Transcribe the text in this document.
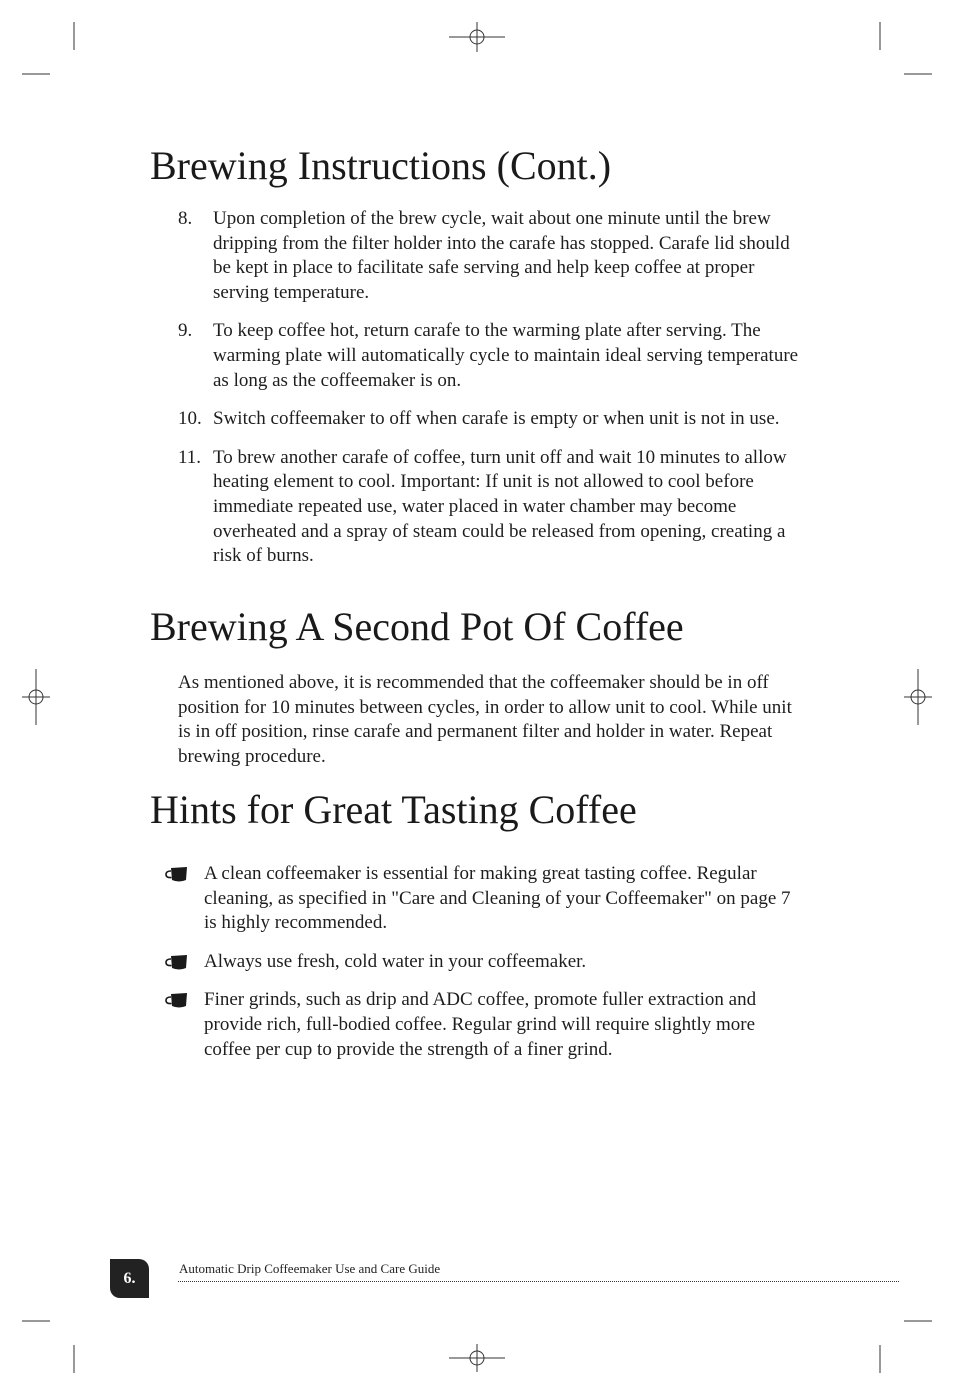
Brewing Instructions (Cont.)
8.	Upon completion of the brew cycle, wait about one minute until the brew dripping from the filter holder into the carafe has stopped. Carafe lid should be kept in place to facilitate safe serving and help keep coffee at proper serving temperature.
9.	To keep coffee hot, return carafe to the warming plate after serving. The warming plate will automatically cycle to maintain ideal serving temperature as long as the coffeemaker is on.
10. Switch coffeemaker to off when carafe is empty or when unit is not in use.
11. To brew another carafe of coffee, turn unit off and wait 10 minutes to allow heating element to cool. Important: If unit is not allowed to cool before immediate repeated use, water placed in water chamber may become overheated and a spray of steam could be released from opening, creating a risk of burns.
Brewing A Second Pot Of Coffee

As mentioned above, it is recommended that the coffeemaker should be in off position for 10 minutes between cycles, in order to allow unit to cool. While unit is in off position, rinse carafe and permanent filter and holder in water. Repeat brewing procedure.

Hints for Great Tasting Coffee
A clean coffeemaker is essential for making great tasting coffee. Regular cleaning, as specified in "Care and Cleaning of your Coffeemaker" on page 7 is highly recommended.
Always use fresh, cold water in your coffeemaker.
Finer grinds, such as drip and ADC coffee, promote fuller extraction and provide rich, full-bodied coffee. Regular grind will require slightly more coffee per cup to provide the strength of a finer grind.
6.
Automatic Drip Coffeemaker Use and Care Guide
